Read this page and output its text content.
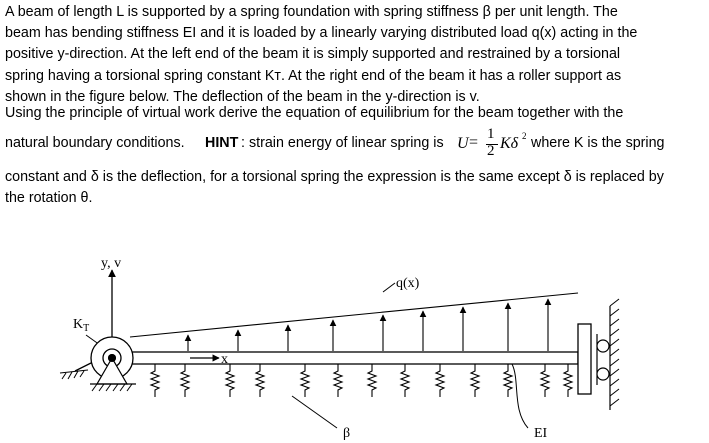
A beam of length L is supported by a spring foundation with spring stiffness β per unit length. The
beam has bending stiffness EI and it is loaded by a linearly varying distributed load q(x) acting in the
positive y-direction. At the left end of the beam it is simply supported and restrained by a torsional
spring having a torsional spring constant Kᴛ. At the right end of the beam it has a roller support as
shown in the figure below. The deflection of the beam in the y-direction is v.
Using the principle of virtual work derive the equation of equilibrium for the beam together with the
natural boundary conditions. HINT : strain energy of linear spring is U = 1
2 Kδ 2 where K is the spring
constant and δ is the deflection, for a torsional spring the expression is the same except δ is replaced by
the rotation θ.
y, v
$K_T$
q(x)
x
β	EI
